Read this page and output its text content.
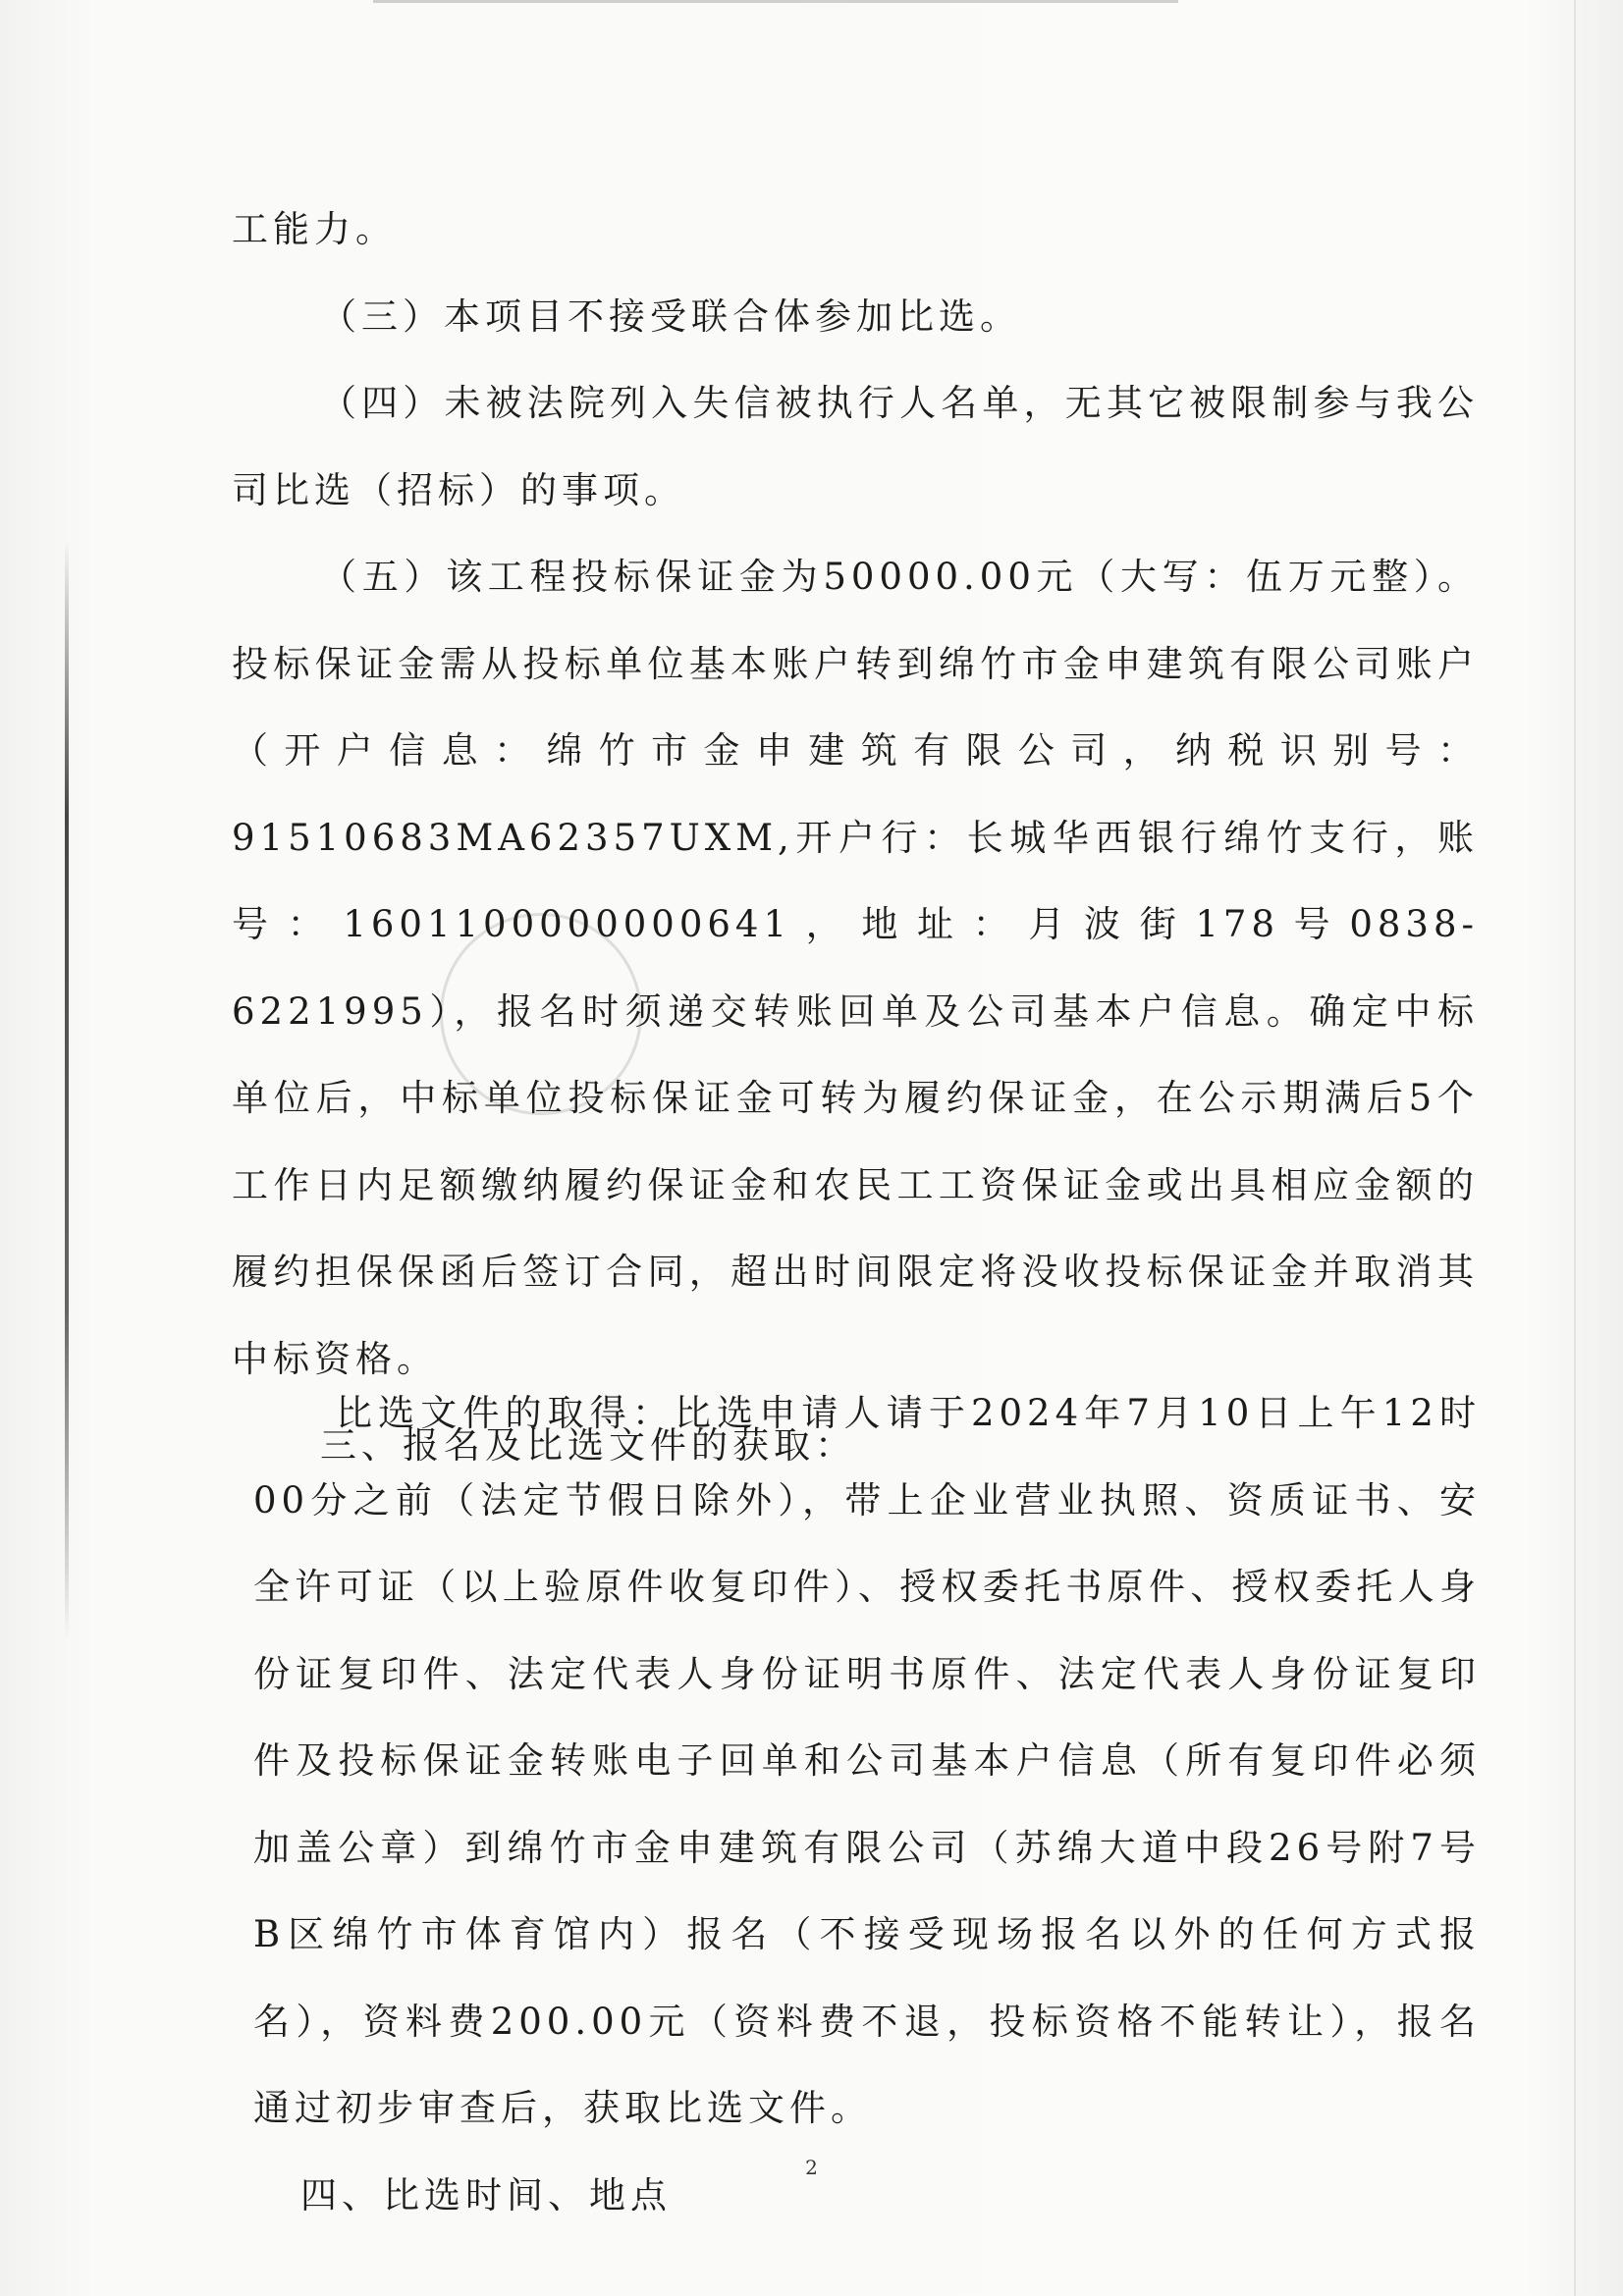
工能力。

（三）本项目不接受联合体参加比选。

（四）未被法院列入失信被执行人名单，无其它被限制参与我公司比选（招标）的事项。

（五）该工程投标保证金为50000.00元（大写：伍万元整）。投标保证金需从投标单位基本账户转到绵竹市金申建筑有限公司账户（开户信息：绵竹市金申建筑有限公司，纳税识别号：91510683MA62357UXM,开户行：长城华西银行绵竹支行，账号：1601100000000641，地址：月波街178号0838-6221995），报名时须递交转账回单及公司基本户信息。确定中标单位后，中标单位投标保证金可转为履约保证金，在公示期满后5个工作日内足额缴纳履约保证金和农民工工资保证金或出具相应金额的履约担保保函后签订合同，超出时间限定将没收投标保证金并取消其中标资格。

三、报名及比选文件的获取：

比选文件的取得：比选申请人请于2024年7月10日上午12时00分之前（法定节假日除外），带上企业营业执照、资质证书、安全许可证（以上验原件收复印件）、授权委托书原件、授权委托人身份证复印件、法定代表人身份证明书原件、法定代表人身份证复印件及投标保证金转账电子回单和公司基本户信息（所有复印件必须加盖公章）到绵竹市金申建筑有限公司（苏绵大道中段26号附7号B区绵竹市体育馆内）报名（不接受现场报名以外的任何方式报名），资料费200.00元（资料费不退，投标资格不能转让），报名通过初步审查后，获取比选文件。

四、比选时间、地点

2
